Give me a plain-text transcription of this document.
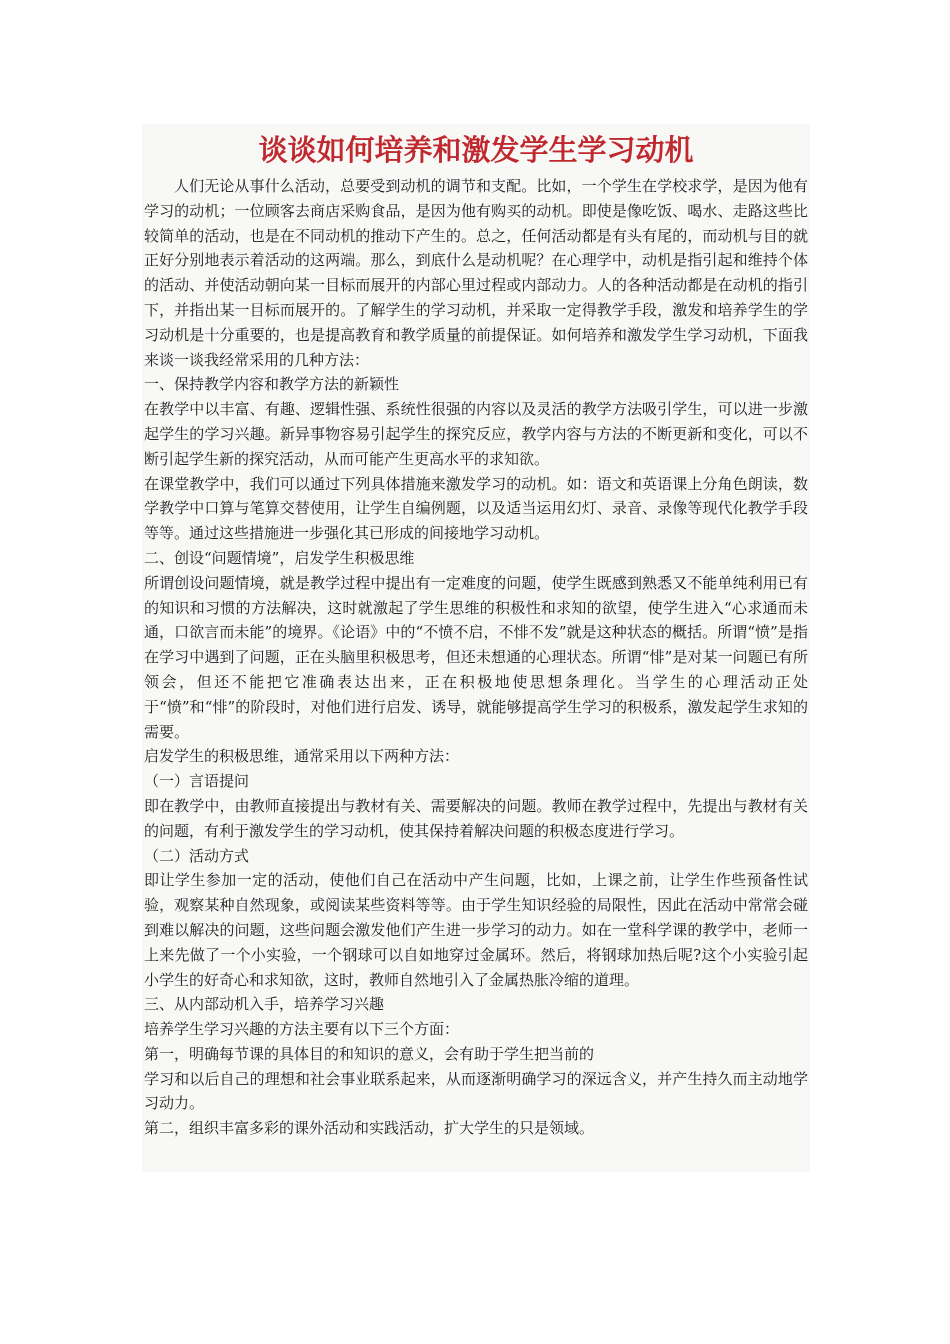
谈谈如何培养和激发学生学习动机

人们无论从事什么活动，总要受到动机的调节和支配。比如，一个学生在学校求学，是因为他有学习的动机；一位顾客去商店采购食品，是因为他有购买的动机。即使是像吃饭、喝水、走路这些比较简单的活动，也是在不同动机的推动下产生的。总之，任何活动都是有头有尾的，而动机与目的就正好分别地表示着活动的这两端。那么，到底什么是动机呢？在心理学中，动机是指引起和维持个体的活动、并使活动朝向某一目标而展开的内部心里过程或内部动力。人的各种活动都是在动机的指引下，并指出某一目标而展开的。了解学生的学习动机，并采取一定得教学手段，激发和培养学生的学习动机是十分重要的，也是提高教育和教学质量的前提保证。如何培养和激发学生学习动机，下面我来谈一谈我经常采用的几种方法：

一、保持教学内容和教学方法的新颖性

在教学中以丰富、有趣、逻辑性强、系统性很强的内容以及灵活的教学方法吸引学生，可以进一步激起学生的学习兴趣。新异事物容易引起学生的探究反应，教学内容与方法的不断更新和变化，可以不断引起学生新的探究活动，从而可能产生更高水平的求知欲。

在课堂教学中，我们可以通过下列具体措施来激发学习的动机。如：语文和英语课上分角色朗读，数学教学中口算与笔算交替使用，让学生自编例题，以及适当运用幻灯、录音、录像等现代化教学手段等等。通过这些措施进一步强化其已形成的间接地学习动机。

二、创设“问题情境”，启发学生积极思维

所谓创设问题情境，就是教学过程中提出有一定难度的问题，使学生既感到熟悉又不能单纯利用已有的知识和习惯的方法解决，这时就激起了学生思维的积极性和求知的欲望，使学生进入“心求通而未通，口欲言而未能”的境界。《论语》中的“不愤不启，不悱不发”就是这种状态的概括。所谓“愤”是指在学习中遇到了问题，正在头脑里积极思考，但还未想通的心理状态。所谓“悱”是对某一问题已有所领会，但还不能把它准确表达出来，正在积极地使思想条理化。当学生的心理活动正处于“愤”和“悱”的阶段时，对他们进行启发、诱导，就能够提高学生学习的积极系，激发起学生求知的需要。

启发学生的积极思维，通常采用以下两种方法：

（一）言语提问

即在教学中，由教师直接提出与教材有关、需要解决的问题。教师在教学过程中，先提出与教材有关的问题，有利于激发学生的学习动机，使其保持着解决问题的积极态度进行学习。

（二）活动方式

即让学生参加一定的活动，使他们自己在活动中产生问题，比如，上课之前，让学生作些预备性试验，观察某种自然现象，或阅读某些资料等等。由于学生知识经验的局限性，因此在活动中常常会碰到难以解决的问题，这些问题会激发他们产生进一步学习的动力。如在一堂科学课的教学中，老师一上来先做了一个小实验，一个钢球可以自如地穿过金属环。然后，将钢球加热后呢?这个小实验引起小学生的好奇心和求知欲，这时，教师自然地引入了金属热胀冷缩的道理。

三、从内部动机入手，培养学习兴趣

培养学生学习兴趣的方法主要有以下三个方面：

第一，明确每节课的具体目的和知识的意义，会有助于学生把当前的

学习和以后自己的理想和社会事业联系起来，从而逐渐明确学习的深远含义，并产生持久而主动地学习动力。

第二，组织丰富多彩的课外活动和实践活动，扩大学生的只是领域。
